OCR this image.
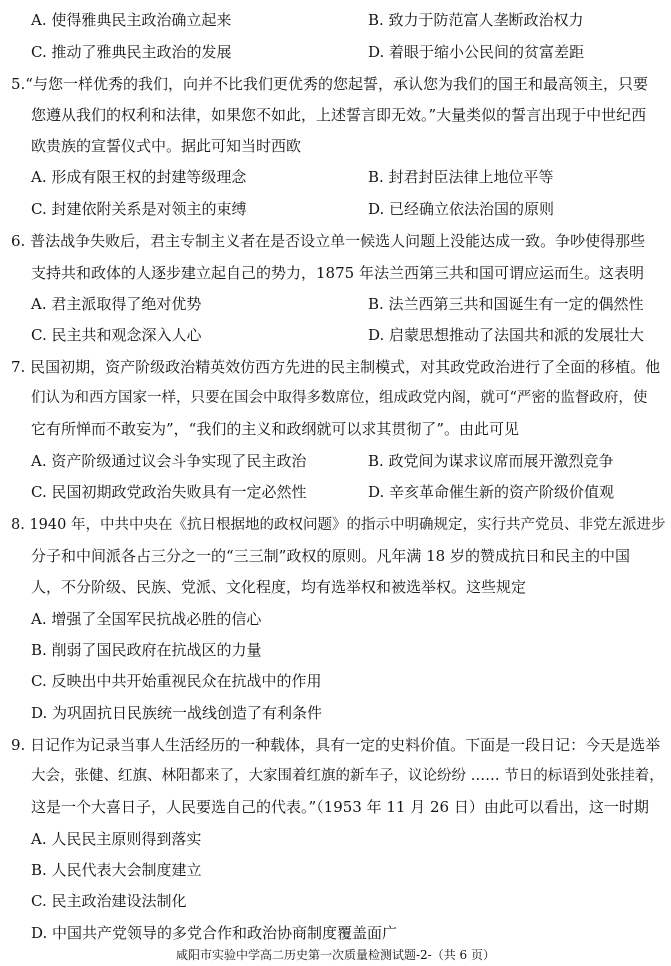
A. 使得雅典民主政治确立起来	B. 致力于防范富人垄断政治权力
C. 推动了雅典民主政治的发展	D. 着眼于缩小公民间的贫富差距
5.“与您一样优秀的我们，向并不比我们更优秀的您起誓，承认您为我们的国王和最高领主，只要
您遵从我们的权利和法律，如果您不如此，上述誓言即无效。”大量类似的誓言出现于中世纪西
欧贵族的宣誓仪式中。据此可知当时西欧
A. 形成有限王权的封建等级理念	B. 封君封臣法律上地位平等
C. 封建依附关系是对领主的束缚	D. 已经确立依法治国的原则
6. 普法战争失败后，君主专制主义者在是否设立单一候选人问题上没能达成一致。争吵使得那些
支持共和政体的人逐步建立起自己的势力，1875 年法兰西第三共和国可谓应运而生。这表明
A. 君主派取得了绝对优势	B. 法兰西第三共和国诞生有一定的偶然性
C. 民主共和观念深入人心	D. 启蒙思想推动了法国共和派的发展壮大
7. 民国初期，资产阶级政治精英效仿西方先进的民主制模式，对其政党政治进行了全面的移植。他
们认为和西方国家一样，只要在国会中取得多数席位，组成政党内阁，就可“严密的监督政府，使
它有所惮而不敢妄为”，“我们的主义和政纲就可以求其贯彻了”。由此可见
A. 资产阶级通过议会斗争实现了民主政治	B. 政党间为谋求议席而展开激烈竞争
C. 民国初期政党政治失败具有一定必然性	D. 辛亥革命催生新的资产阶级价值观
8. 1940 年，中共中央在《抗日根据地的政权问题》的指示中明确规定，实行共产党员、非党左派进步
分子和中间派各占三分之一的“三三制”政权的原则。凡年满 18 岁的赞成抗日和民主的中国
人，不分阶级、民族、党派、文化程度，均有选举权和被选举权。这些规定
A. 增强了全国军民抗战必胜的信心
B. 削弱了国民政府在抗战区的力量
C. 反映出中共开始重视民众在抗战中的作用
D. 为巩固抗日民族统一战线创造了有利条件
9. 日记作为记录当事人生活经历的一种载体，具有一定的史料价值。下面是一段日记：今天是选举
大会，张健、红旗、林阳都来了，大家围着红旗的新车子，议论纷纷 …… 节日的标语到处张挂着，
这是一个大喜日子，人民要选自己的代表。”（1953 年 11 月 26 日）由此可以看出，这一时期
A. 人民民主原则得到落实
B. 人民代表大会制度建立
C. 民主政治建设法制化
D. 中国共产党领导的多党合作和政治协商制度覆盖面广
咸阳市实验中学高二历史第一次质量检测试题-2-（共 6 页）
